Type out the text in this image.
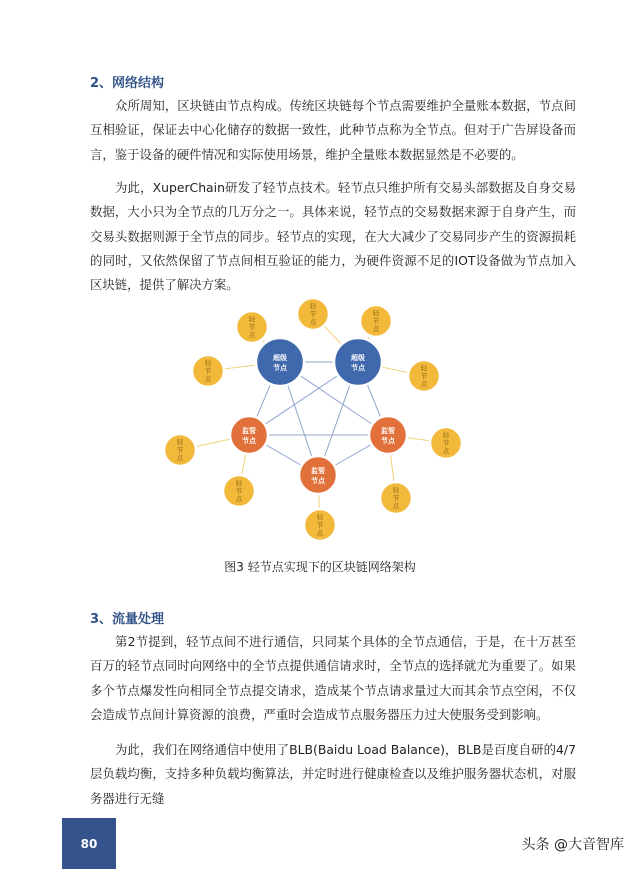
2、网络结构

众所周知，区块链由节点构成。传统区块链每个节点需要维护全量账本数据，节点间互相验证，保证去中心化储存的数据一致性，此种节点称为全节点。但对于广告屏设备而言，鉴于设备的硬件情况和实际使用场景，维护全量账本数据显然是不必要的。

为此，XuperChain研发了轻节点技术。轻节点只维护所有交易头部数据及自身交易数据，大小只为全节点的几万分之一。具体来说，轻节点的交易数据来源于自身产生，而交易头数据则源于全节点的同步。轻节点的实现，在大大减少了交易同步产生的资源损耗的同时，又依然保留了节点间相互验证的能力，为硬件资源不足的IOT设备做为节点加入区块链，提供了解决方案。

超级
节点
超级
节点
监管
节点
监管
节点
监管
节点
轻
节
点
轻
节
点
轻
节
点
轻
节
点
轻
节
点
轻
节
点
轻
节
点
轻
节
点
轻
节
点
轻
节
点

图3 轻节点实现下的区块链网络架构

3、流量处理

第2节提到，轻节点间不进行通信，只同某个具体的全节点通信，于是，在十万甚至百万的轻节点同时向网络中的全节点提供通信请求时，全节点的选择就尤为重要了。如果多个节点爆发性向相同全节点提交请求，造成某个节点请求量过大而其余节点空闲，不仅会造成节点间计算资源的浪费，严重时会造成节点服务器压力过大使服务受到影响。

为此，我们在网络通信中使用了BLB(Baidu Load Balance)，BLB是百度自研的4/7层负载均衡，支持多种负载均衡算法，并定时进行健康检查以及维护服务器状态机，对服务器进行无缝

80	头条 @大音智库
